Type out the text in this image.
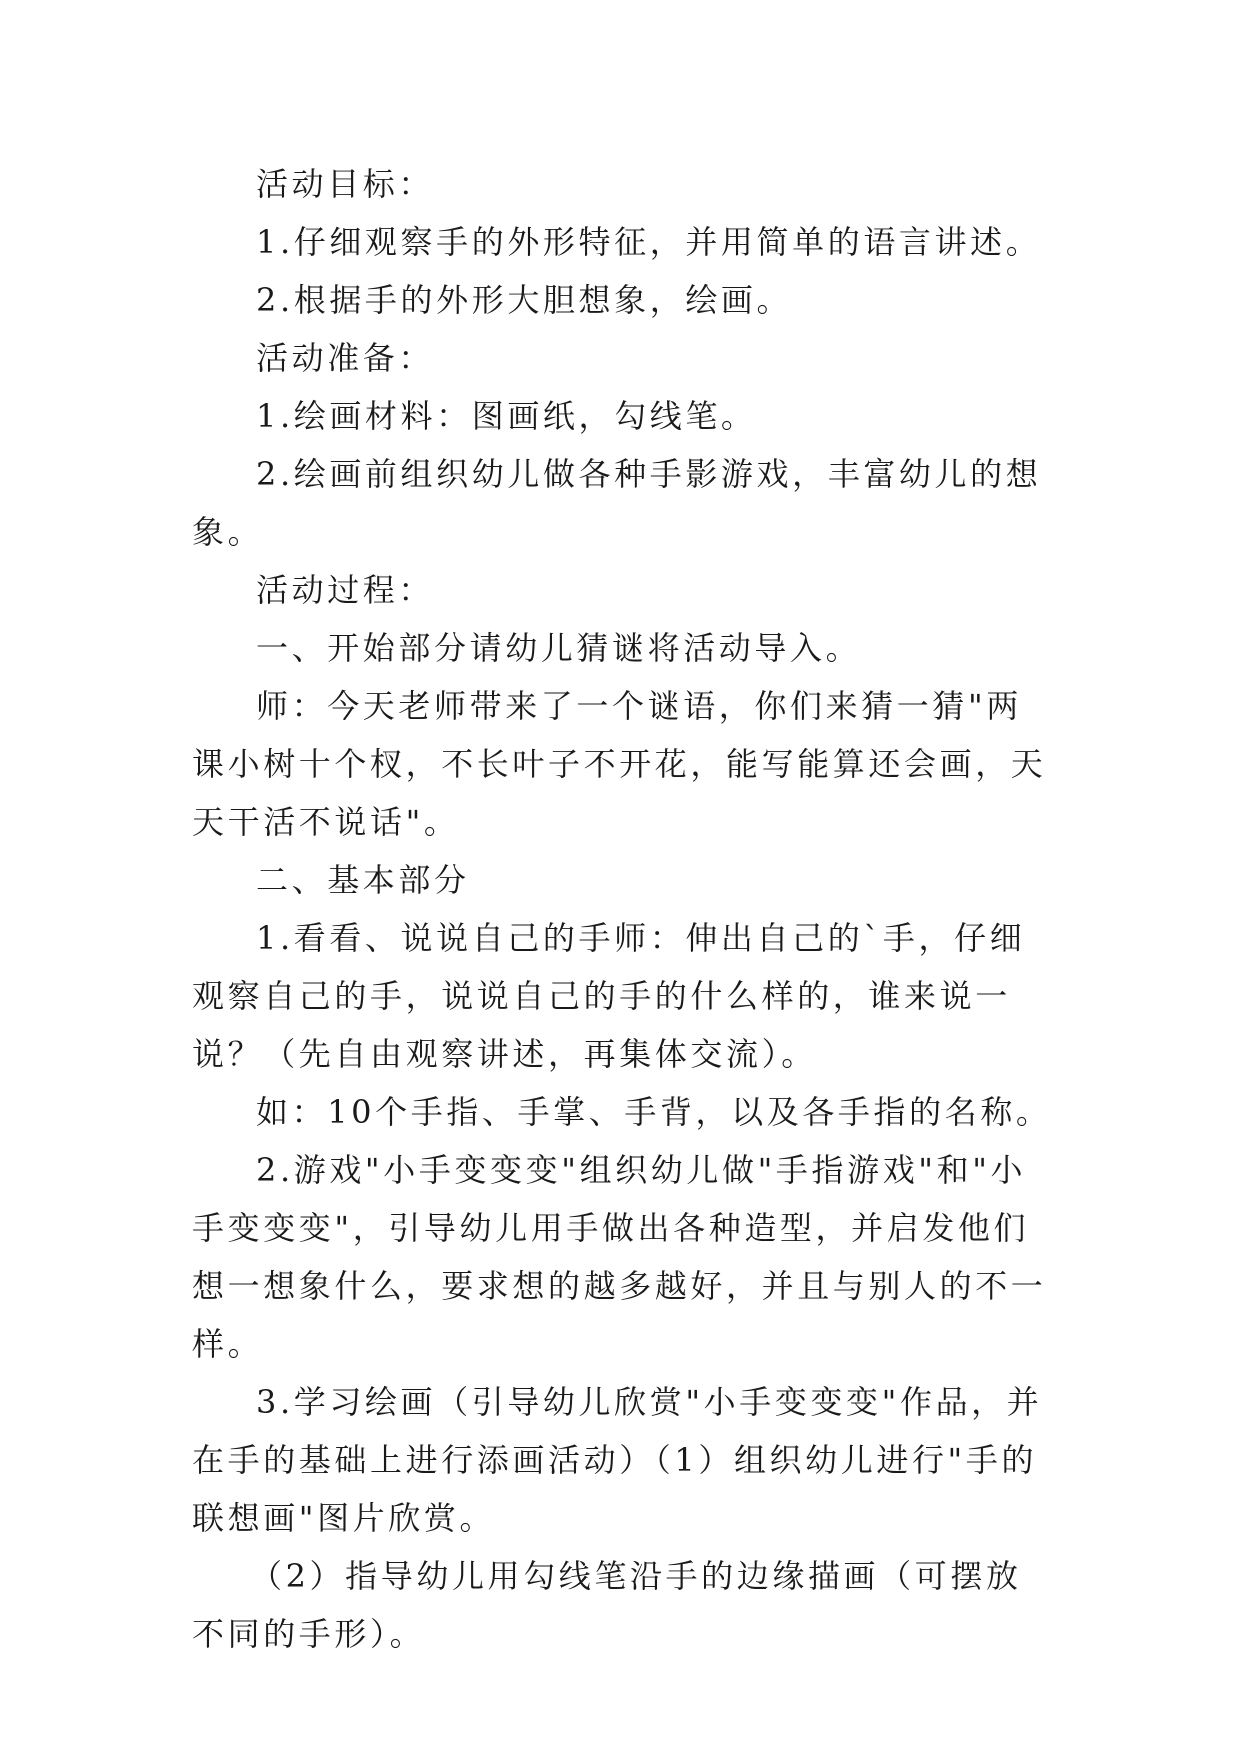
活动目标：

1.仔细观察手的外形特征，并用简单的语言讲述。

2.根据手的外形大胆想象，绘画。

活动准备：

1.绘画材料：图画纸，勾线笔。

2.绘画前组织幼儿做各种手影游戏，丰富幼儿的想象。

活动过程：

一、开始部分请幼儿猜谜将活动导入。

师：今天老师带来了一个谜语，你们来猜一猜"两课小树十个杈，不长叶子不开花，能写能算还会画，天天干活不说话"。

二、基本部分

1.看看、说说自己的手师：伸出自己的`手，仔细观察自己的手，说说自己的手的什么样的，谁来说一说？（先自由观察讲述，再集体交流）。

如：10个手指、手掌、手背，以及各手指的名称。

2.游戏"小手变变变"组织幼儿做"手指游戏"和"小手变变变"，引导幼儿用手做出各种造型，并启发他们想一想象什么，要求想的越多越好，并且与别人的不一样。

3.学习绘画（引导幼儿欣赏"小手变变变"作品，并在手的基础上进行添画活动）（1）组织幼儿进行"手的联想画"图片欣赏。

（2）指导幼儿用勾线笔沿手的边缘描画（可摆放不同的手形）。
